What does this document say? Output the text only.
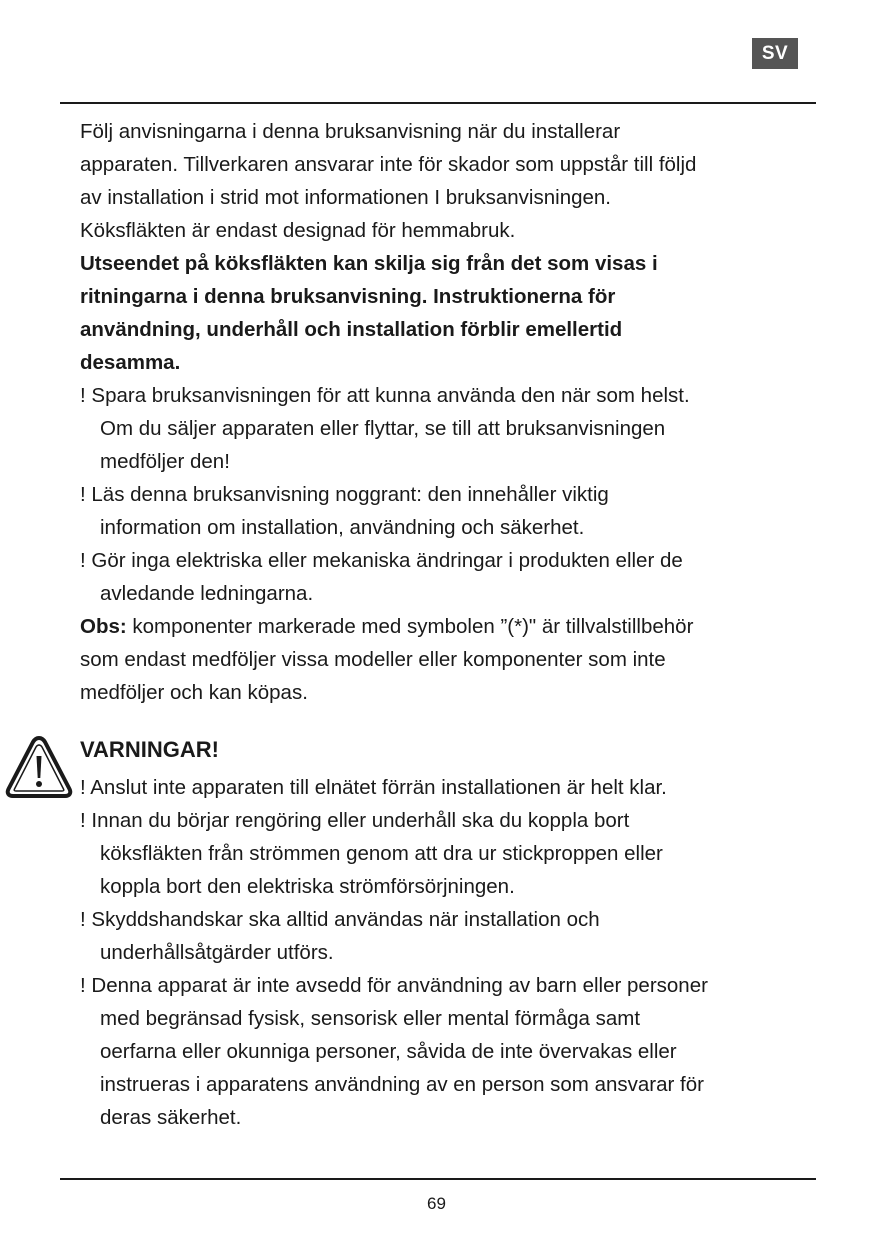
SV
Följ anvisningarna i denna bruksanvisning när du installerar
apparaten. Tillverkaren ansvarar inte för skador som uppstår till följd
av installation i strid mot informationen I bruksanvisningen.
Köksfläkten är endast designad för hemmabruk.
Utseendet på köksfläkten kan skilja sig från det som visas i
ritningarna i denna bruksanvisning. Instruktionerna för
användning, underhåll och installation förblir emellertid
desamma.
! Spara bruksanvisningen för att kunna använda den när som helst.
Om du säljer apparaten eller flyttar, se till att bruksanvisningen
medföljer den!
! Läs denna bruksanvisning noggrant: den innehåller viktig
information om installation, användning och säkerhet.
! Gör inga elektriska eller mekaniska ändringar i produkten eller de
avledande ledningarna.
Obs: komponenter markerade med symbolen ”(*)" är tillvalstillbehör
som endast medföljer vissa modeller eller komponenter som inte
medföljer och kan köpas.
VARNINGAR!
! Anslut inte apparaten till elnätet förrän installationen är helt klar.
! Innan du börjar rengöring eller underhåll ska du koppla bort
köksfläkten från strömmen genom att dra ur stickproppen eller
koppla bort den elektriska strömförsörjningen.
! Skyddshandskar ska alltid användas när installation och
underhållsåtgärder utförs.
! Denna apparat är inte avsedd för användning av barn eller personer
med begränsad fysisk, sensorisk eller mental förmåga samt
oerfarna eller okunniga personer, såvida de inte övervakas eller
instrueras i apparatens användning av en person som ansvarar för
deras säkerhet.
69
